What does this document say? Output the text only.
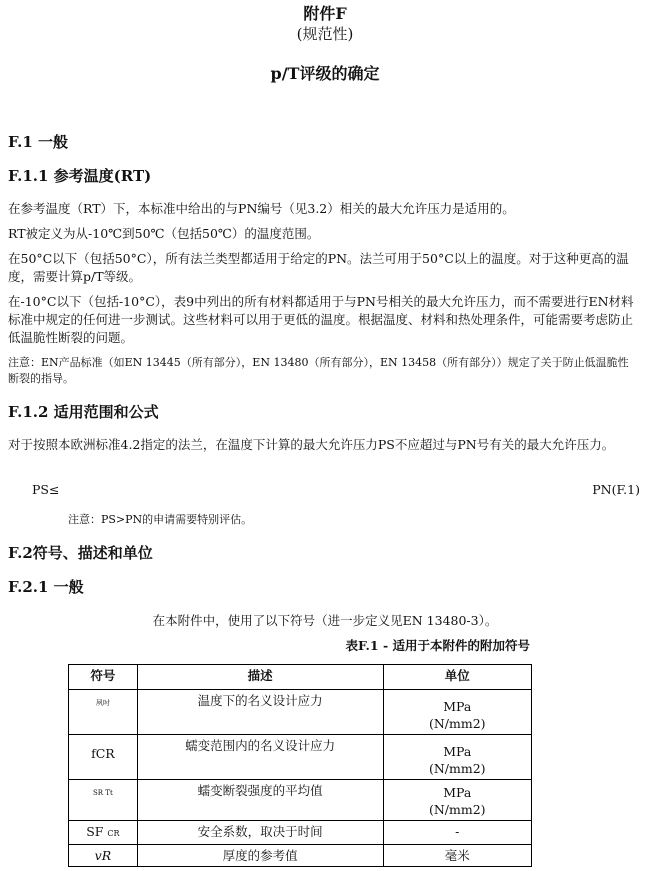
附件F
(规范性)
p/T评级的确定
F.1 一般
F.1.1 参考温度(RT)
在参考温度（RT）下，本标准中给出的与PN编号（见3.2）相关的最大允许压力是适用的。
RT被定义为从-10℃到50℃（包括50℃）的温度范围。
在50°C以下（包括50°C），所有法兰类型都适用于给定的PN。法兰可用于50°C以上的温度。对于这种更高的温度，需要计算p/T等级。
在-10°C以下（包括-10°C），表9中列出的所有材料都适用于与PN号相关的最大允许压力，而不需要进行EN材料标准中规定的任何进一步测试。这些材料可以用于更低的温度。根据温度、材料和热处理条件，可能需要考虑防止低温脆性断裂的问题。
注意：EN产品标准（如EN 13445（所有部分），EN 13480（所有部分），EN 13458（所有部分））规定了关于防止低温脆性断裂的指导。
F.1.2 适用范围和公式
对于按照本欧洲标准4.2指定的法兰，在温度下计算的最大允许压力PS不应超过与PN号有关的最大允许压力。
PS≤	PN(F.1)
注意：PS>PN的申请需要特别评估。
F.2符号、描述和单位
F.2.1 一般
在本附件中，使用了以下符号（进一步定义见EN 13480-3）。
表F.1 - 适用于本附件的附加符号
符号	描述	单位
夙吋	温度下的名义设计应力	MPa
(N/mm2)
fCR	蠕变范围内的名义设计应力	MPa
(N/mm2)
SR Tt	蠕变断裂强度的平均值	MPa
(N/mm2)
SF CR	安全系数，取决于时间	-
vR	厚度的参考值	毫米
